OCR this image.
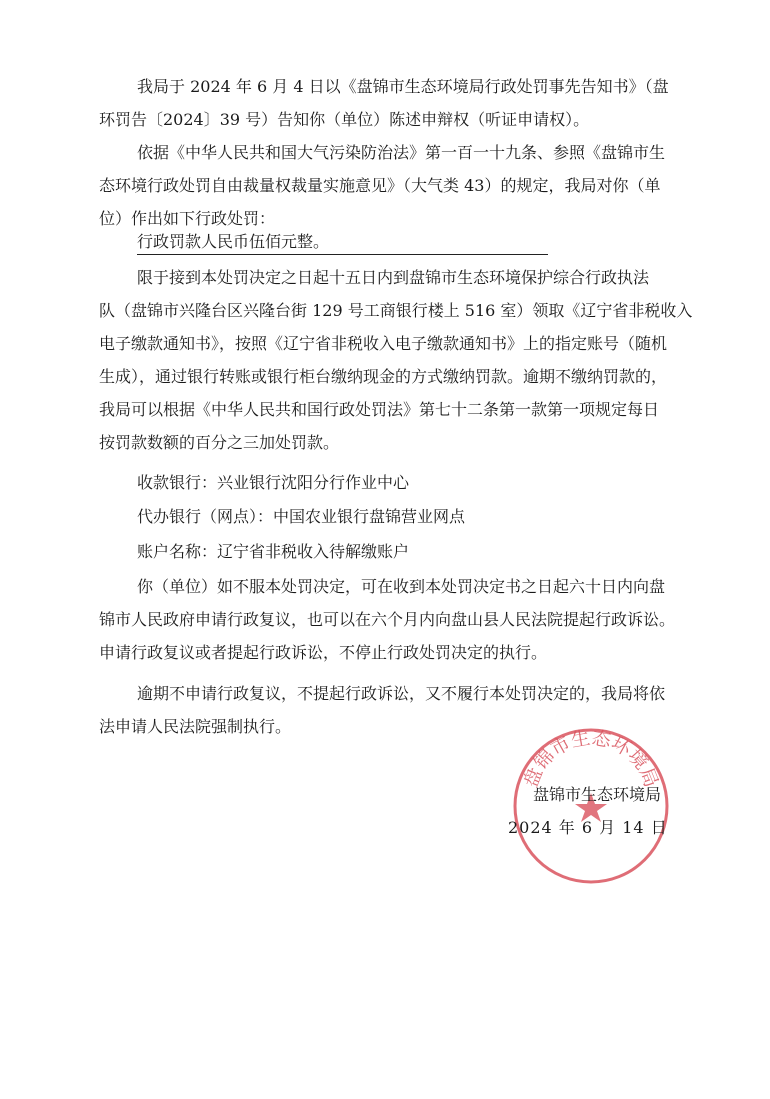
我局于 2024 年 6 月 4 日以《盘锦市生态环境局行政处罚事先告知书》（盘
环罚告〔2024〕39 号）告知你（单位）陈述申辩权（听证申请权）。
依据《中华人民共和国大气污染防治法》第一百一十九条、参照《盘锦市生
态环境行政处罚自由裁量权裁量实施意见》（大气类 43）的规定，我局对你（单
位）作出如下行政处罚：
行政罚款人民币伍佰元整。
限于接到本处罚决定之日起十五日内到盘锦市生态环境保护综合行政执法
队（盘锦市兴隆台区兴隆台街 129 号工商银行楼上 516 室）领取《辽宁省非税收入
电子缴款通知书》，按照《辽宁省非税收入电子缴款通知书》上的指定账号（随机
生成），通过银行转账或银行柜台缴纳现金的方式缴纳罚款。逾期不缴纳罚款的，
我局可以根据《中华人民共和国行政处罚法》第七十二条第一款第一项规定每日
按罚款数额的百分之三加处罚款。
收款银行：兴业银行沈阳分行作业中心
代办银行（网点）：中国农业银行盘锦营业网点
账户名称：辽宁省非税收入待解缴账户
你（单位）如不服本处罚决定，可在收到本处罚决定书之日起六十日内向盘
锦市人民政府申请行政复议，也可以在六个月内向盘山县人民法院提起行政诉讼。
申请行政复议或者提起行政诉讼，不停止行政处罚决定的执行。
逾期不申请行政复议，不提起行政诉讼，又不履行本处罚决定的，我局将依
法申请人民法院强制执行。
盘锦市生态环境局
盘锦市生态环境局
2024 年 6 月 14 日
